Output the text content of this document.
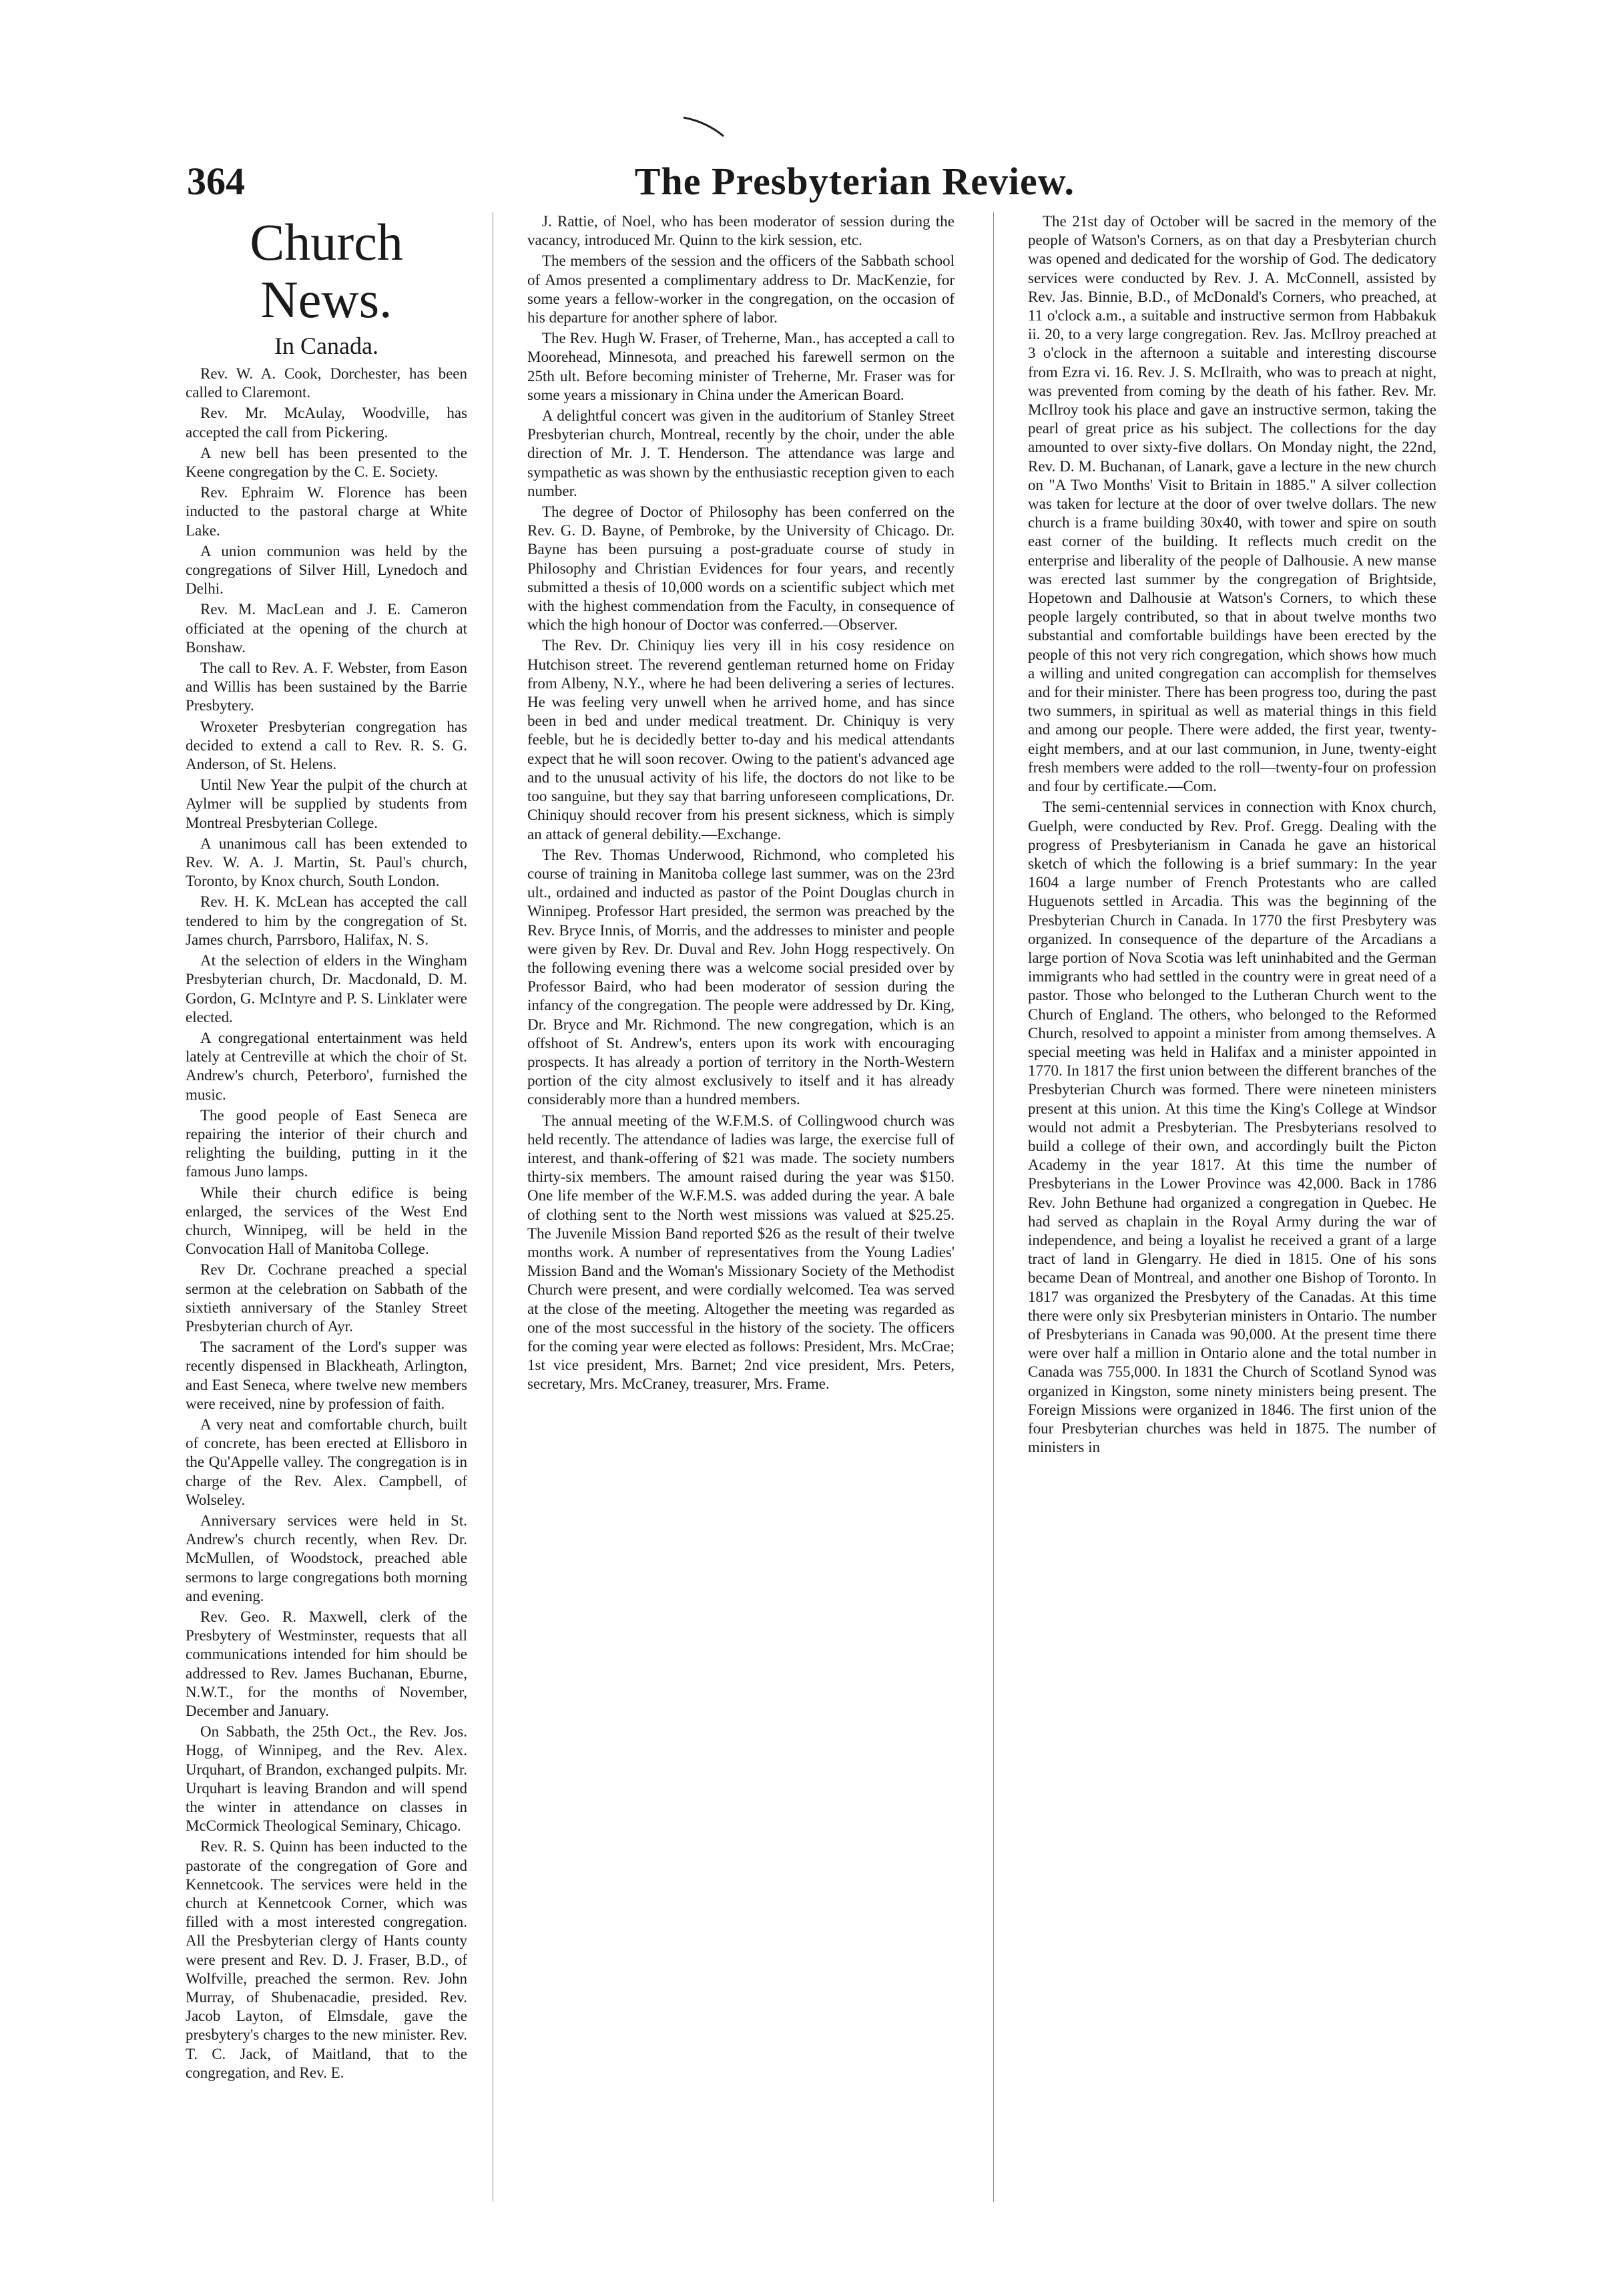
364	The Presbyterian Review.
Church News.
In Canada.

Rev. W. A. Cook, Dorchester, has been called to Claremont.

Rev. Mr. McAulay, Woodville, has accepted the call from Pickering.

A new bell has been presented to the Keene congregation by the C. E. Society.

Rev. Ephraim W. Florence has been inducted to the pastoral charge at White Lake.

A union communion was held by the congregations of Silver Hill, Lynedoch and Delhi.

Rev. M. MacLean and J. E. Cameron officiated at the opening of the church at Bonshaw.

The call to Rev. A. F. Webster, from Eason and Willis has been sustained by the Barrie Presbytery.

Wroxeter Presbyterian congregation has decided to extend a call to Rev. R. S. G. Anderson, of St. Helens.

Until New Year the pulpit of the church at Aylmer will be supplied by students from Montreal Presbyterian College.

A unanimous call has been extended to Rev. W. A. J. Martin, St. Paul's church, Toronto, by Knox church, South London.

Rev. H. K. McLean has accepted the call tendered to him by the congregation of St. James church, Parrsboro, Halifax, N. S.

At the selection of elders in the Wingham Presbyterian church, Dr. Macdonald, D. M. Gordon, G. McIntyre and P. S. Linklater were elected.

A congregational entertainment was held lately at Centreville at which the choir of St. Andrew's church, Peterboro', furnished the music.

The good people of East Seneca are repairing the interior of their church and relighting the building, putting in it the famous Juno lamps.

While their church edifice is being enlarged, the services of the West End church, Winnipeg, will be held in the Convocation Hall of Manitoba College.

Rev Dr. Cochrane preached a special sermon at the celebration on Sabbath of the sixtieth anniversary of the Stanley Street Presbyterian church of Ayr.

The sacrament of the Lord's supper was recently dispensed in Blackheath, Arlington, and East Seneca, where twelve new members were received, nine by profession of faith.

A very neat and comfortable church, built of concrete, has been erected at Ellisboro in the Qu'Appelle valley. The congregation is in charge of the Rev. Alex. Campbell, of Wolseley.

Anniversary services were held in St. Andrew's church recently, when Rev. Dr. McMullen, of Woodstock, preached able sermons to large congregations both morning and evening.

Rev. Geo. R. Maxwell, clerk of the Presbytery of Westminster, requests that all communications intended for him should be addressed to Rev. James Buchanan, Eburne, N.W.T., for the months of November, December and January.

On Sabbath, the 25th Oct., the Rev. Jos. Hogg, of Winnipeg, and the Rev. Alex. Urquhart, of Brandon, exchanged pulpits. Mr. Urquhart is leaving Brandon and will spend the winter in attendance on classes in McCormick Theological Seminary, Chicago.

Rev. R. S. Quinn has been inducted to the pastorate of the congregation of Gore and Kennetcook. The services were held in the church at Kennetcook Corner, which was filled with a most interested congregation. All the Presbyterian clergy of Hants county were present and Rev. D. J. Fraser, B.D., of Wolfville, preached the sermon. Rev. John Murray, of Shubenacadie, presided. Rev. Jacob Layton, of Elmsdale, gave the presbytery's charges to the new minister. Rev. T. C. Jack, of Maitland, that to the congregation, and Rev. E.

J. Rattie, of Noel, who has been moderator of session during the vacancy, introduced Mr. Quinn to the kirk session, etc.

The members of the session and the officers of the Sabbath school of Amos presented a complimentary address to Dr. MacKenzie, for some years a fellow-worker in the congregation, on the occasion of his departure for another sphere of labor.

The Rev. Hugh W. Fraser, of Treherne, Man., has accepted a call to Moorehead, Minnesota, and preached his farewell sermon on the 25th ult. Before becoming minister of Treherne, Mr. Fraser was for some years a missionary in China under the American Board.

A delightful concert was given in the auditorium of Stanley Street Presbyterian church, Montreal, recently by the choir, under the able direction of Mr. J. T. Henderson. The attendance was large and sympathetic as was shown by the enthusiastic reception given to each number.

The degree of Doctor of Philosophy has been conferred on the Rev. G. D. Bayne, of Pembroke, by the University of Chicago. Dr. Bayne has been pursuing a post-graduate course of study in Philosophy and Christian Evidences for four years, and recently submitted a thesis of 10,000 words on a scientific subject which met with the highest commendation from the Faculty, in consequence of which the high honour of Doctor was conferred.—Observer.

The Rev. Dr. Chiniquy lies very ill in his cosy residence on Hutchison street. The reverend gentleman returned home on Friday from Albeny, N.Y., where he had been delivering a series of lectures. He was feeling very unwell when he arrived home, and has since been in bed and under medical treatment. Dr. Chiniquy is very feeble, but he is decidedly better to-day and his medical attendants expect that he will soon recover. Owing to the patient's advanced age and to the unusual activity of his life, the doctors do not like to be too sanguine, but they say that barring unforeseen complications, Dr. Chiniquy should recover from his present sickness, which is simply an attack of general debility.—Exchange.

The Rev. Thomas Underwood, Richmond, who completed his course of training in Manitoba college last summer, was on the 23rd ult., ordained and inducted as pastor of the Point Douglas church in Winnipeg. Professor Hart presided, the sermon was preached by the Rev. Bryce Innis, of Morris, and the addresses to minister and people were given by Rev. Dr. Duval and Rev. John Hogg respectively. On the following evening there was a welcome social presided over by Professor Baird, who had been moderator of session during the infancy of the congregation. The people were addressed by Dr. King, Dr. Bryce and Mr. Richmond. The new congregation, which is an offshoot of St. Andrew's, enters upon its work with encouraging prospects. It has already a portion of territory in the North-Western portion of the city almost exclusively to itself and it has already considerably more than a hundred members.

The annual meeting of the W.F.M.S. of Collingwood church was held recently. The attendance of ladies was large, the exercise full of interest, and thank-offering of $21 was made. The society numbers thirty-six members. The amount raised during the year was $150. One life member of the W.F.M.S. was added during the year. A bale of clothing sent to the North west missions was valued at $25.25. The Juvenile Mission Band reported $26 as the result of their twelve months work. A number of representatives from the Young Ladies' Mission Band and the Woman's Missionary Society of the Methodist Church were present, and were cordially welcomed. Tea was served at the close of the meeting. Altogether the meeting was regarded as one of the most successful in the history of the society. The officers for the coming year were elected as follows: President, Mrs. McCrae; 1st vice president, Mrs. Barnet; 2nd vice president, Mrs. Peters, secretary, Mrs. McCraney, treasurer, Mrs. Frame.

The 21st day of October will be sacred in the memory of the people of Watson's Corners, as on that day a Presbyterian church was opened and dedicated for the worship of God. The dedicatory services were conducted by Rev. J. A. McConnell, assisted by Rev. Jas. Binnie, B.D., of McDonald's Corners, who preached, at 11 o'clock a.m., a suitable and instructive sermon from Habbakuk ii. 20, to a very large congregation. Rev. Jas. McIlroy preached at 3 o'clock in the afternoon a suitable and interesting discourse from Ezra vi. 16. Rev. J. S. McIlraith, who was to preach at night, was prevented from coming by the death of his father. Rev. Mr. McIlroy took his place and gave an instructive sermon, taking the pearl of great price as his subject. The collections for the day amounted to over sixty-five dollars. On Monday night, the 22nd, Rev. D. M. Buchanan, of Lanark, gave a lecture in the new church on "A Two Months' Visit to Britain in 1885." A silver collection was taken for lecture at the door of over twelve dollars. The new church is a frame building 30x40, with tower and spire on south east corner of the building. It reflects much credit on the enterprise and liberality of the people of Dalhousie. A new manse was erected last summer by the congregation of Brightside, Hopetown and Dalhousie at Watson's Corners, to which these people largely contributed, so that in about twelve months two substantial and comfortable buildings have been erected by the people of this not very rich congregation, which shows how much a willing and united congregation can accomplish for themselves and for their minister. There has been progress too, during the past two summers, in spiritual as well as material things in this field and among our people. There were added, the first year, twenty-eight members, and at our last communion, in June, twenty-eight fresh members were added to the roll—twenty-four on profession and four by certificate.—Com.

The semi-centennial services in connection with Knox church, Guelph, were conducted by Rev. Prof. Gregg. Dealing with the progress of Presbyterianism in Canada he gave an historical sketch of which the following is a brief summary: In the year 1604 a large number of French Protestants who are called Huguenots settled in Arcadia. This was the beginning of the Presbyterian Church in Canada. In 1770 the first Presbytery was organized. In consequence of the departure of the Arcadians a large portion of Nova Scotia was left uninhabited and the German immigrants who had settled in the country were in great need of a pastor. Those who belonged to the Lutheran Church went to the Church of England. The others, who belonged to the Reformed Church, resolved to appoint a minister from among themselves. A special meeting was held in Halifax and a minister appointed in 1770. In 1817 the first union between the different branches of the Presbyterian Church was formed. There were nineteen ministers present at this union. At this time the King's College at Windsor would not admit a Presbyterian. The Presbyterians resolved to build a college of their own, and accordingly built the Picton Academy in the year 1817. At this time the number of Presbyterians in the Lower Province was 42,000. Back in 1786 Rev. John Bethune had organized a congregation in Quebec. He had served as chaplain in the Royal Army during the war of independence, and being a loyalist he received a grant of a large tract of land in Glengarry. He died in 1815. One of his sons became Dean of Montreal, and another one Bishop of Toronto. In 1817 was organized the Presbytery of the Canadas. At this time there were only six Presbyterian ministers in Ontario. The number of Presbyterians in Canada was 90,000. At the present time there were over half a million in Ontario alone and the total number in Canada was 755,000. In 1831 the Church of Scotland Synod was organized in Kingston, some ninety ministers being present. The Foreign Missions were organized in 1846. The first union of the four Presbyterian churches was held in 1875. The number of ministers in
